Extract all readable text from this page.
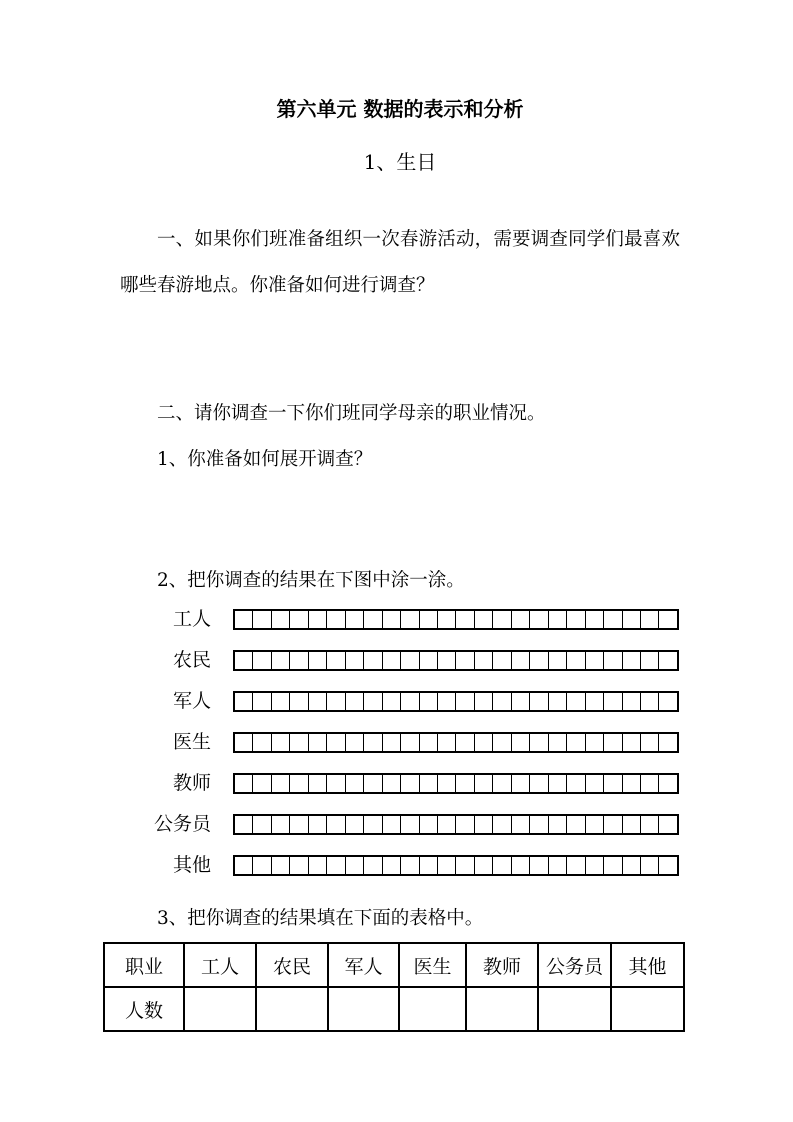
第六单元 数据的表示和分析

1、生日

一、如果你们班准备组织一次春游活动，需要调查同学们最喜欢哪些春游地点。你准备如何进行调查？

二、请你调查一下你们班同学母亲的职业情况。

1、你准备如何展开调查？

2、把你调查的结果在下图中涂一涂。

工人
农民
军人
医生
教师
公务员
其他

3、把你调查的结果填在下面的表格中。

职业	工人	农民	军人	医生	教师	公务员	其他
人数							
